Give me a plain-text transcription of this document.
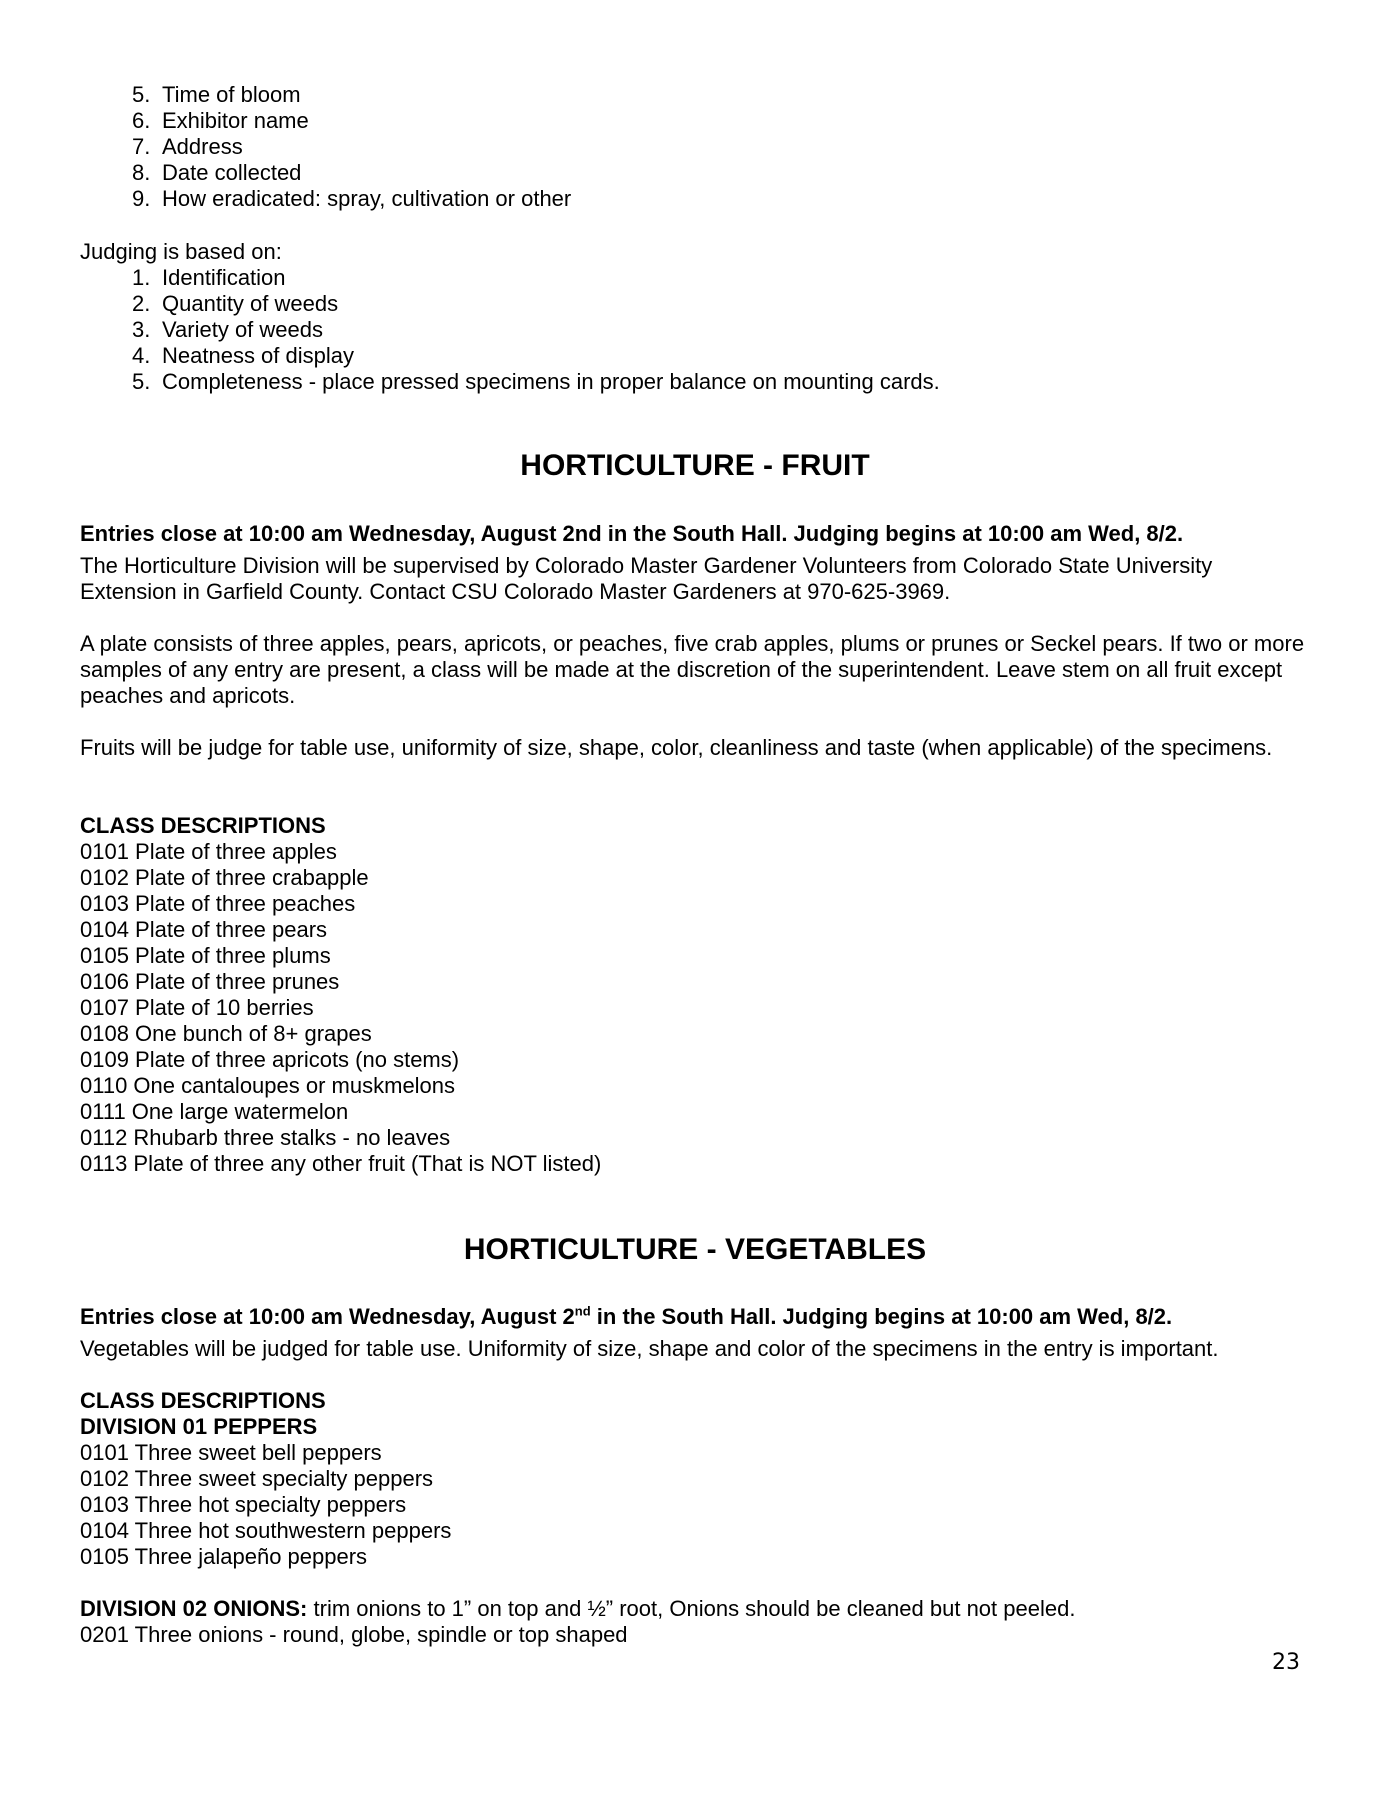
5. Time of bloom
6. Exhibitor name
7. Address
8. Date collected
9. How eradicated: spray, cultivation or other

Judging is based on:

1. Identification
2. Quantity of weeds
3. Variety of weeds
4. Neatness of display
5. Completeness - place pressed specimens in proper balance on mounting cards.
HORTICULTURE - FRUIT

Entries close at 10:00 am Wednesday, August 2nd in the South Hall. Judging begins at 10:00 am Wed, 8/2.

The Horticulture Division will be supervised by Colorado Master Gardener Volunteers from Colorado State University Extension in Garfield County. Contact CSU Colorado Master Gardeners at 970-625-3969.

A plate consists of three apples, pears, apricots, or peaches, five crab apples, plums or prunes or Seckel pears. If two or more samples of any entry are present, a class will be made at the discretion of the superintendent. Leave stem on all fruit except peaches and apricots.

Fruits will be judge for table use, uniformity of size, shape, color, cleanliness and taste (when applicable) of the specimens.

CLASS DESCRIPTIONS

0101 Plate of three apples
0102 Plate of three crabapple
0103 Plate of three peaches
0104 Plate of three pears
0105 Plate of three plums
0106 Plate of three prunes
0107 Plate of 10 berries
0108 One bunch of 8+ grapes
0109 Plate of three apricots (no stems)
0110 One cantaloupes or muskmelons
0111 One large watermelon
0112 Rhubarb three stalks - no leaves
0113 Plate of three any other fruit (That is NOT listed)
HORTICULTURE - VEGETABLES

Entries close at 10:00 am Wednesday, August 2nd in the South Hall. Judging begins at 10:00 am Wed, 8/2.

Vegetables will be judged for table use. Uniformity of size, shape and color of the specimens in the entry is important.

CLASS DESCRIPTIONS

DIVISION 01 PEPPERS

0101 Three sweet bell peppers
0102 Three sweet specialty peppers
0103 Three hot specialty peppers
0104 Three hot southwestern peppers
0105 Three jalapeño peppers

DIVISION 02 ONIONS: trim onions to 1” on top and ½” root, Onions should be cleaned but not peeled.

0201 Three onions - round, globe, spindle or top shaped
23
